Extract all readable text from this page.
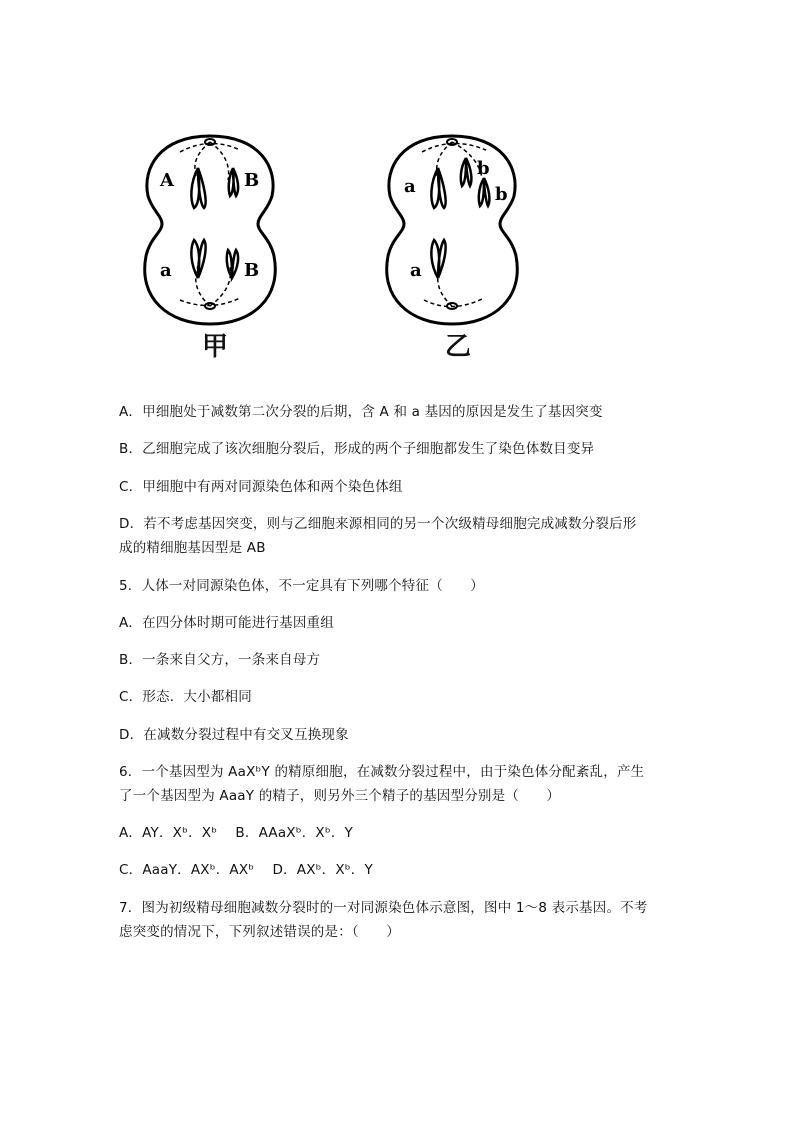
A	B
a	B
a
b
b
a
甲	乙
A．甲细胞处于减数第二次分裂的后期，含 A 和 a 基因的原因是发生了基因突变
B．乙细胞完成了该次细胞分裂后，形成的两个子细胞都发生了染色体数目变异
C．甲细胞中有两对同源染色体和两个染色体组
D．若不考虑基因突变，则与乙细胞来源相同的另一个次级精母细胞完成减数分裂后形
成的精细胞基因型是 AB
5．人体一对同源染色体，不一定具有下列哪个特征（　　）
A．在四分体时期可能进行基因重组
B．一条来自父方，一条来自母方
C．形态．大小都相同
D．在减数分裂过程中有交叉互换现象
6．一个基因型为 AaXᵇY 的精原细胞，在减数分裂过程中，由于染色体分配紊乱，产生
了一个基因型为 AaaY 的精子，则另外三个精子的基因型分别是（　　）
A．AY．Xᵇ．Xᵇ　 B．AAaXᵇ．Xᵇ．Y
C．AaaY．AXᵇ．AXᵇ　 D．AXᵇ．Xᵇ．Y
7．图为初级精母细胞减数分裂时的一对同源染色体示意图，图中 1～8 表示基因。不考
虑突变的情况下，下列叙述错误的是：（　　）
